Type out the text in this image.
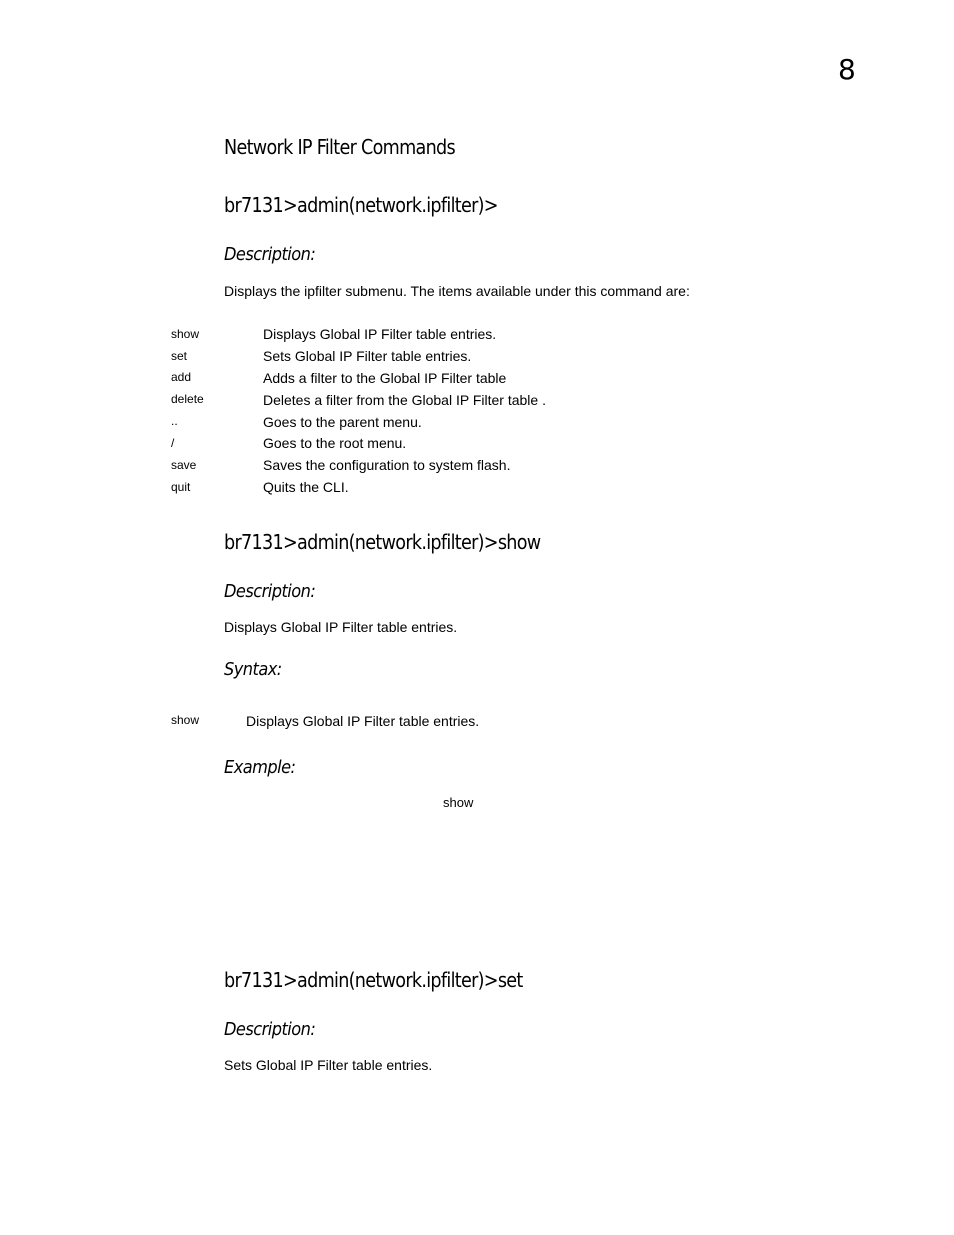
8
Network IP Filter Commands
br7131>admin(network.ipfilter)>
Description:
Displays the ipfilter submenu. The items available under this command are:
show	Displays Global IP Filter table entries.
set	Sets Global IP Filter table entries.
add	Adds a filter to the Global IP Filter table
delete	Deletes a filter from the Global IP Filter table .
..	Goes to the parent menu.
/	Goes to the root menu.
save	Saves the configuration to system flash.
quit	Quits the CLI.
br7131>admin(network.ipfilter)>show
Description:
Displays Global IP Filter table entries.
Syntax:
show	Displays Global IP Filter table entries.
Example:
show
br7131>admin(network.ipfilter)>set
Description:
Sets Global IP Filter table entries.
